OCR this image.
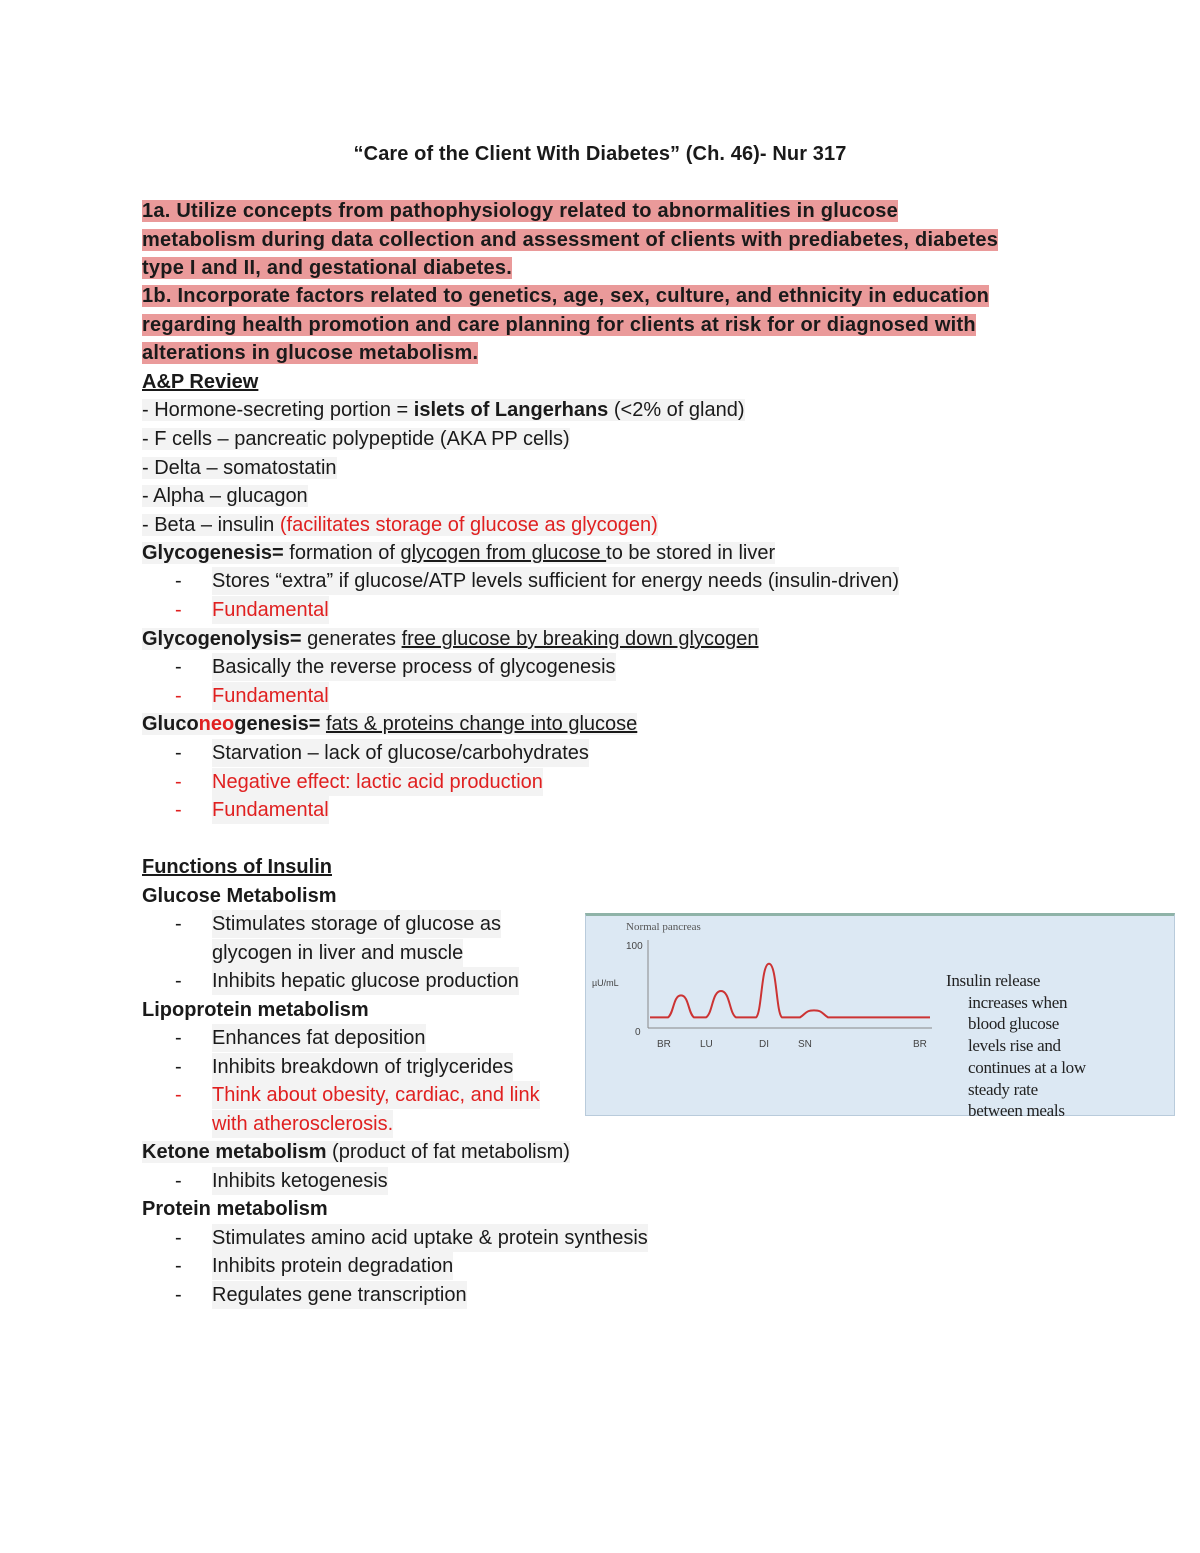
“Care of the Client With Diabetes” (Ch. 46)- Nur 317
1a. Utilize concepts from pathophysiology related to abnormalities in glucose
metabolism during data collection and assessment of clients with prediabetes, diabetes
type I and II, and gestational diabetes.
1b. Incorporate factors related to genetics, age, sex, culture, and ethnicity in education
regarding health promotion and care planning for clients at risk for or diagnosed with
alterations in glucose metabolism.
A&P Review
- Hormone-secreting portion = islets of Langerhans (<2% of gland)
- F cells – pancreatic polypeptide (AKA PP cells)
- Delta – somatostatin
- Alpha – glucagon
- Beta – insulin (facilitates storage of glucose as glycogen)
Glycogenesis= formation of glycogen from glucose to be stored in liver
- Stores “extra” if glucose/ATP levels sufficient for energy needs (insulin-driven)
- Fundamental
Glycogenolysis= generates free glucose by breaking down glycogen
- Basically the reverse process of glycogenesis
- Fundamental
Gluconeogenesis= fats & proteins change into glucose
- Starvation – lack of glucose/carbohydrates
- Negative effect: lactic acid production
- Fundamental
Functions of Insulin
Glucose Metabolism
- Stimulates storage of glucose as
glycogen in liver and muscle
- Inhibits hepatic glucose production
Lipoprotein metabolism
- Enhances fat deposition
- Inhibits breakdown of triglycerides
- Think about obesity, cardiac, and link
with atherosclerosis.
Ketone metabolism (product of fat metabolism)
- Inhibits ketogenesis
Protein metabolism
- Stimulates amino acid uptake & protein synthesis
- Inhibits protein degradation
- Regulates gene transcription
Normal pancreas
100
0
µU/mL
BR	LU	DI	SN	BR
Insulin release
increases when
blood glucose
levels rise and
continues at a low
steady rate
between meals
